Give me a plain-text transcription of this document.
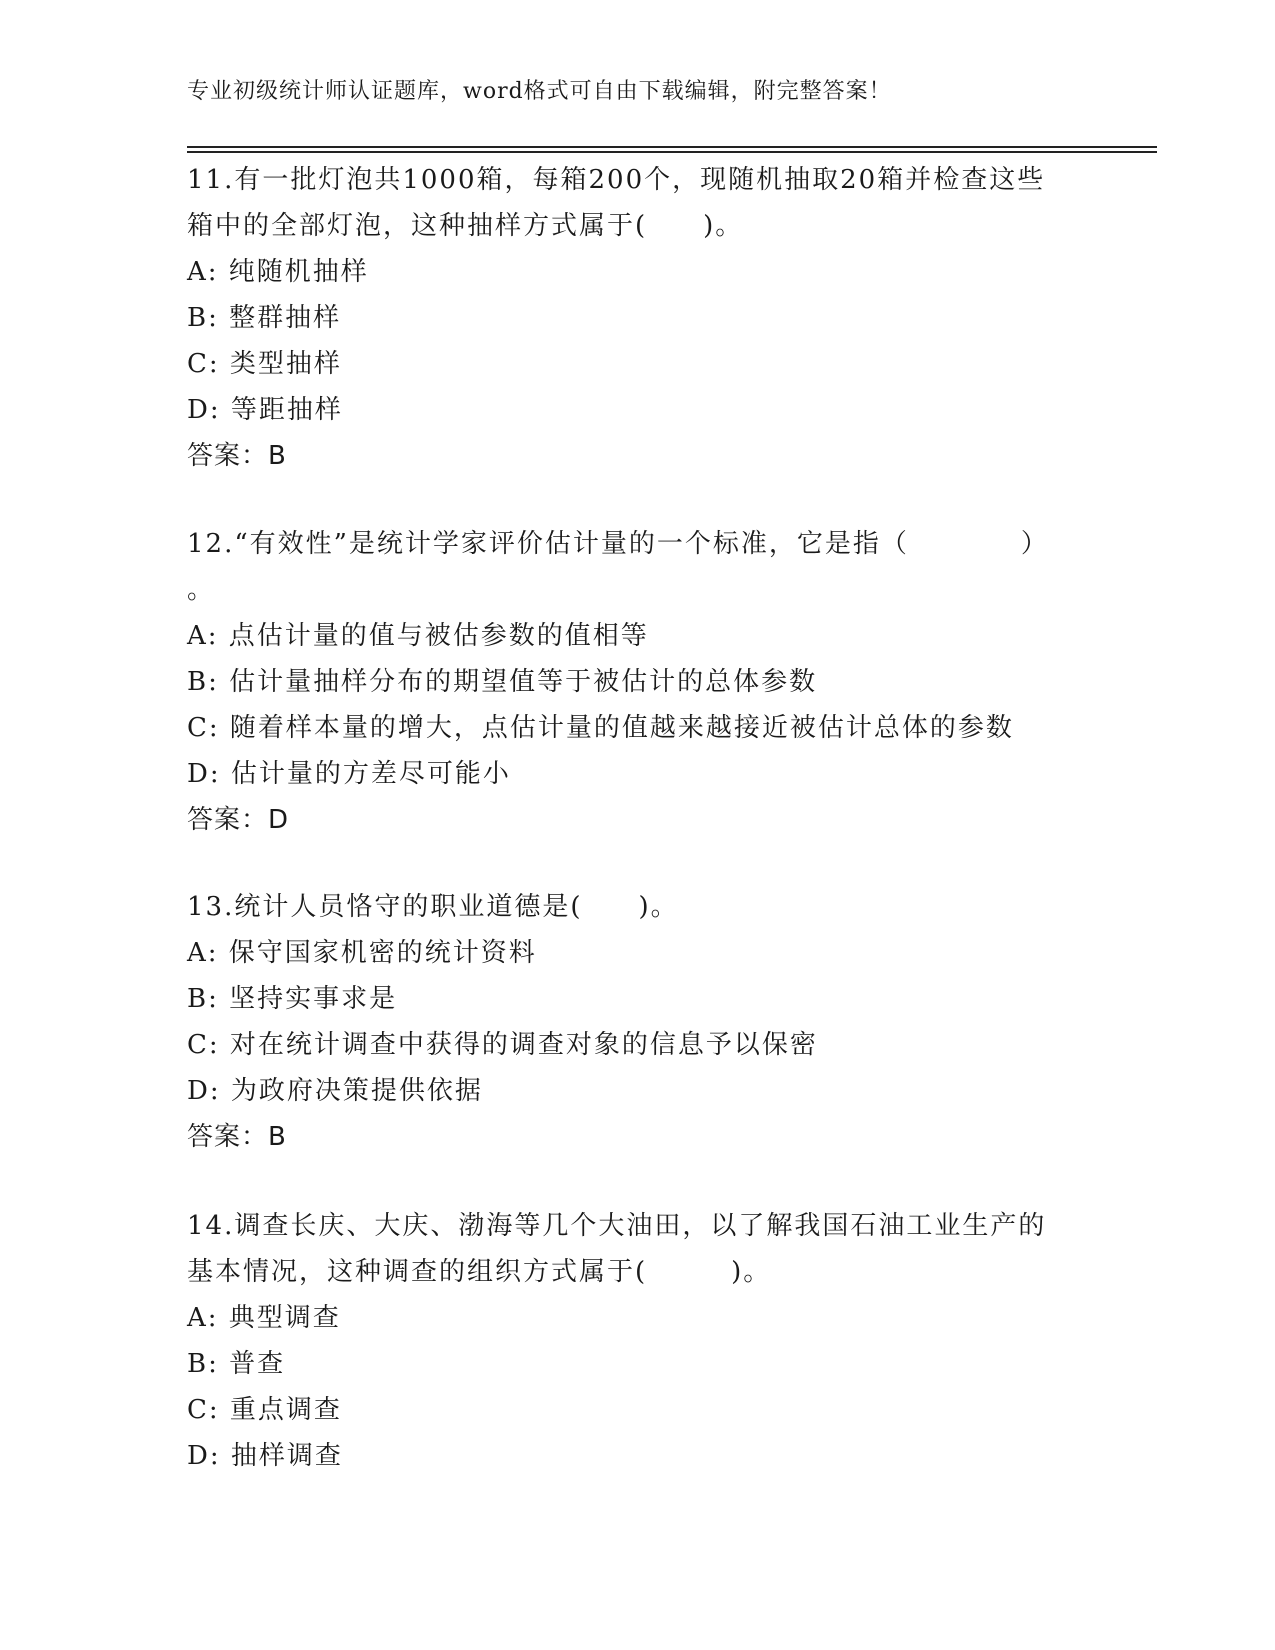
专业初级统计师认证题库，word格式可自由下载编辑，附完整答案！
11.有一批灯泡共1000箱，每箱200个，现随机抽取20箱并检查这些
箱中的全部灯泡，这种抽样方式属于(　　)。
A: 纯随机抽样
B: 整群抽样
C: 类型抽样
D: 等距抽样
答案：B
12.“有效性”是统计学家评价估计量的一个标准，它是指（　　　　）
。
A: 点估计量的值与被估参数的值相等
B: 估计量抽样分布的期望值等于被估计的总体参数
C: 随着样本量的增大，点估计量的值越来越接近被估计总体的参数
D: 估计量的方差尽可能小
答案：D
13.统计人员恪守的职业道德是(　　)。
A: 保守国家机密的统计资料
B: 坚持实事求是
C: 对在统计调查中获得的调查对象的信息予以保密
D: 为政府决策提供依据
答案：B
14.调查长庆、大庆、渤海等几个大油田，以了解我国石油工业生产的
基本情况，这种调查的组织方式属于(　　　)。
A: 典型调查
B: 普查
C: 重点调查
D: 抽样调查
